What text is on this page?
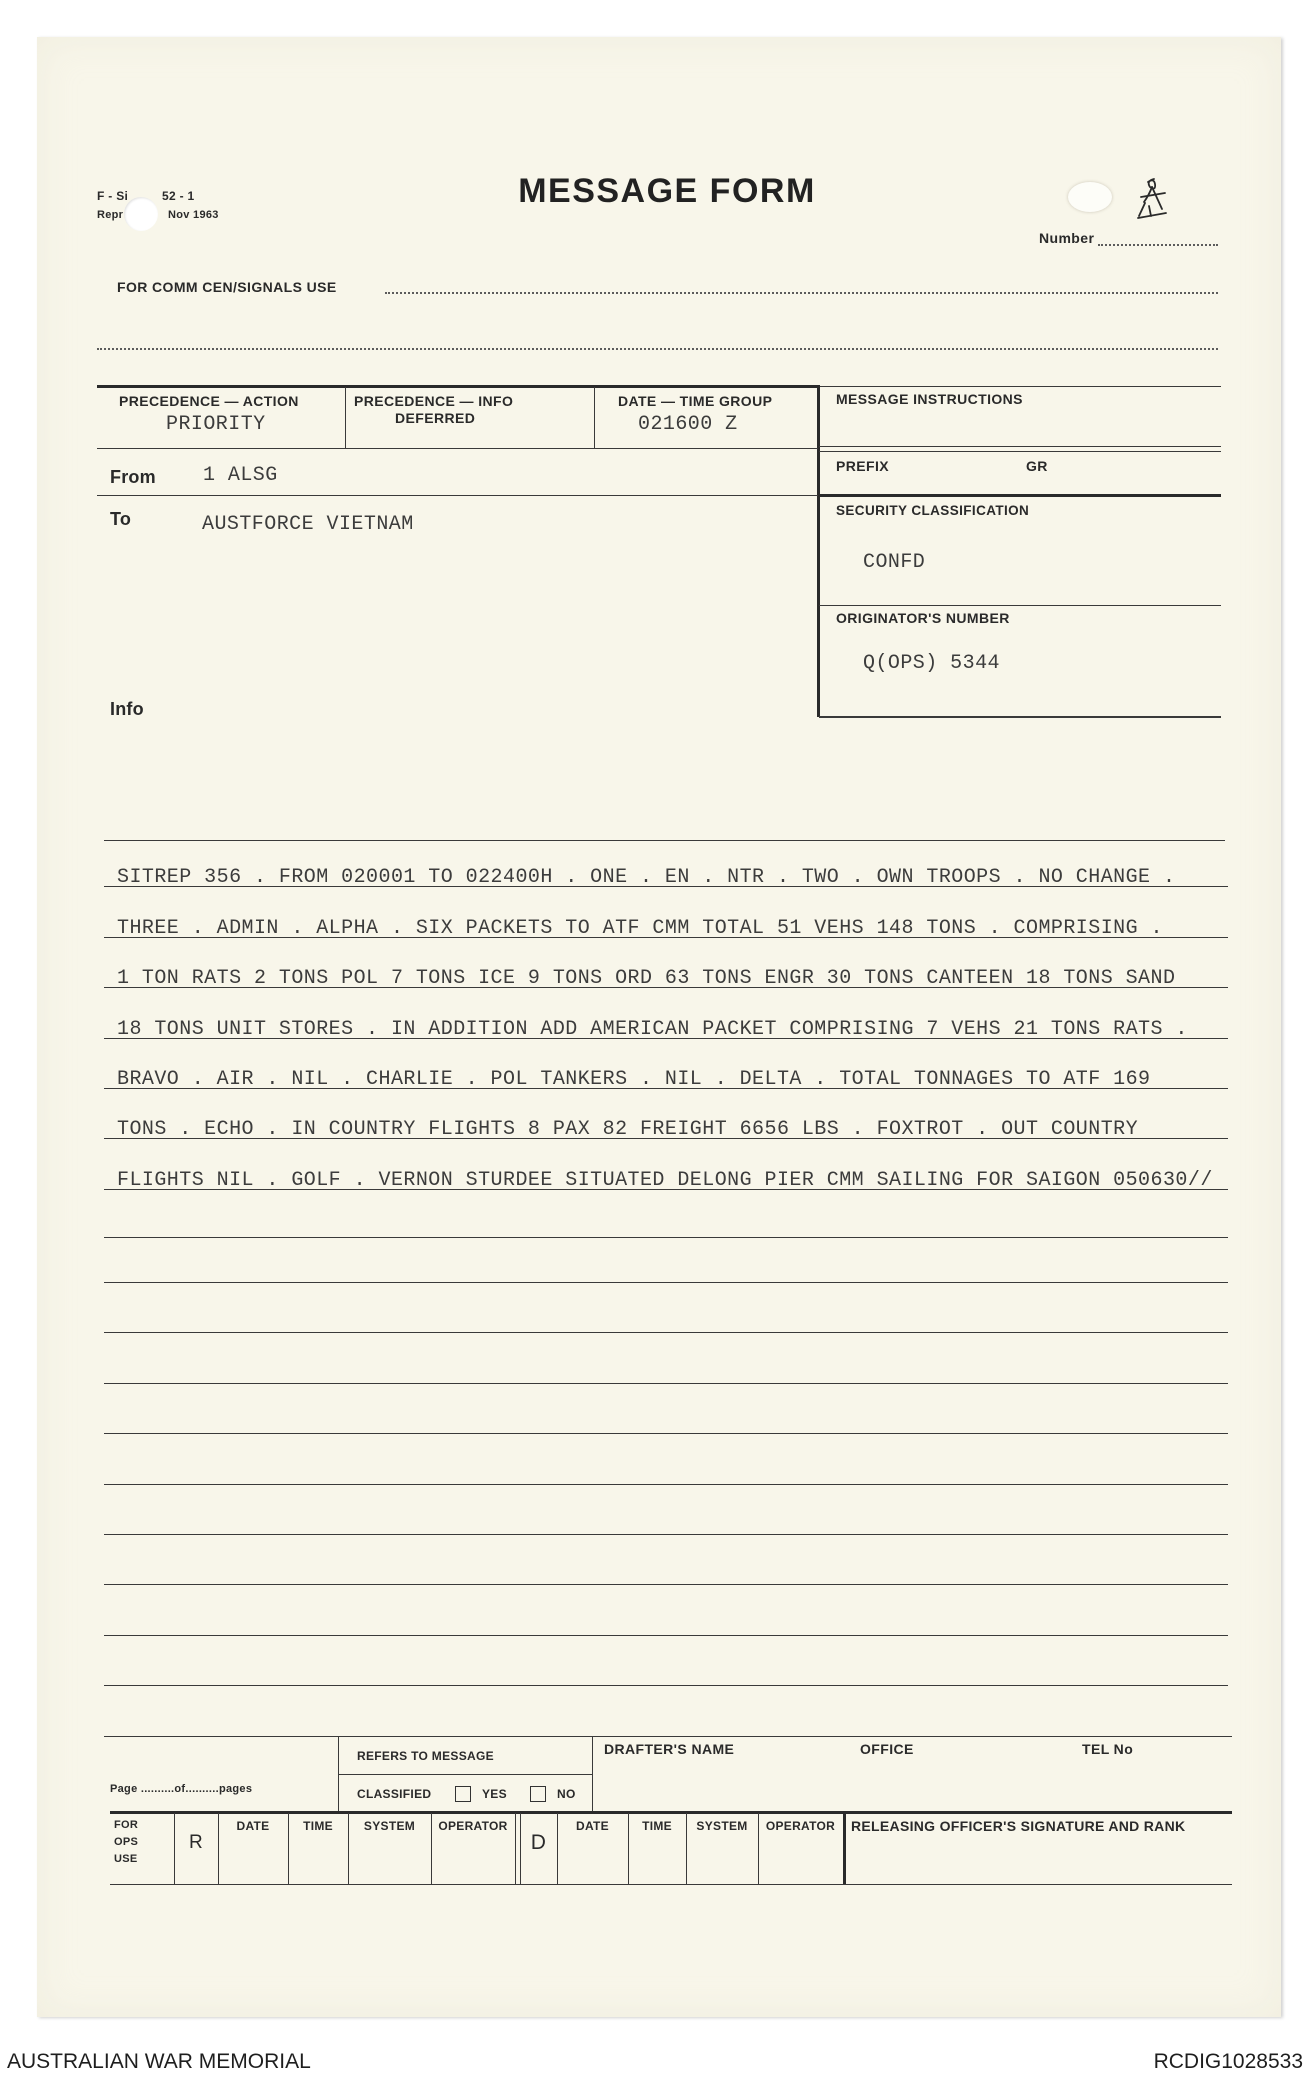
F - Si	52 - 1
Repr	Nov 1963
MESSAGE FORM
Number
FOR COMM CEN/SIGNALS USE
PRECEDENCE — ACTION
PRIORITY
PRECEDENCE — INFO
DEFERRED
DATE — TIME GROUP
021600 Z
From 1 ALSG
To	AUSTFORCE VIETNAM
Info
MESSAGE INSTRUCTIONS
PREFIX	GR
SECURITY CLASSIFICATION
CONFD
ORIGINATOR'S NUMBER
Q(OPS) 5344
SITREP 356 . FROM 020001 TO 022400H . ONE . EN . NTR . TWO . OWN TROOPS . NO CHANGE .
THREE . ADMIN . ALPHA . SIX PACKETS TO ATF CMM TOTAL 51 VEHS 148 TONS . COMPRISING .
1 TON RATS 2 TONS POL 7 TONS ICE 9 TONS ORD 63 TONS ENGR 30 TONS CANTEEN 18 TONS SAND
18 TONS UNIT STORES . IN ADDITION ADD AMERICAN PACKET COMPRISING 7 VEHS 21 TONS RATS .
BRAVO . AIR . NIL . CHARLIE . POL TANKERS . NIL . DELTA . TOTAL TONNAGES TO ATF 169
TONS . ECHO . IN COUNTRY FLIGHTS 8 PAX 82 FREIGHT 6656 LBS . FOXTROT . OUT COUNTRY
FLIGHTS NIL . GOLF . VERNON STURDEE SITUATED DELONG PIER CMM SAILING FOR SAIGON 050630//
REFERS TO MESSAGE
CLASSIFIED	YES	NO
DRAFTER'S NAME	OFFICE	TEL No
Page ..........of..........pages
FOR
OPS
USE
R
DATE	TIME	SYSTEM	OPERATOR
D
DATE	TIME	SYSTEM	OPERATOR	RELEASING OFFICER'S SIGNATURE AND RANK
AUSTRALIAN WAR MEMORIAL	RCDIG1028533
